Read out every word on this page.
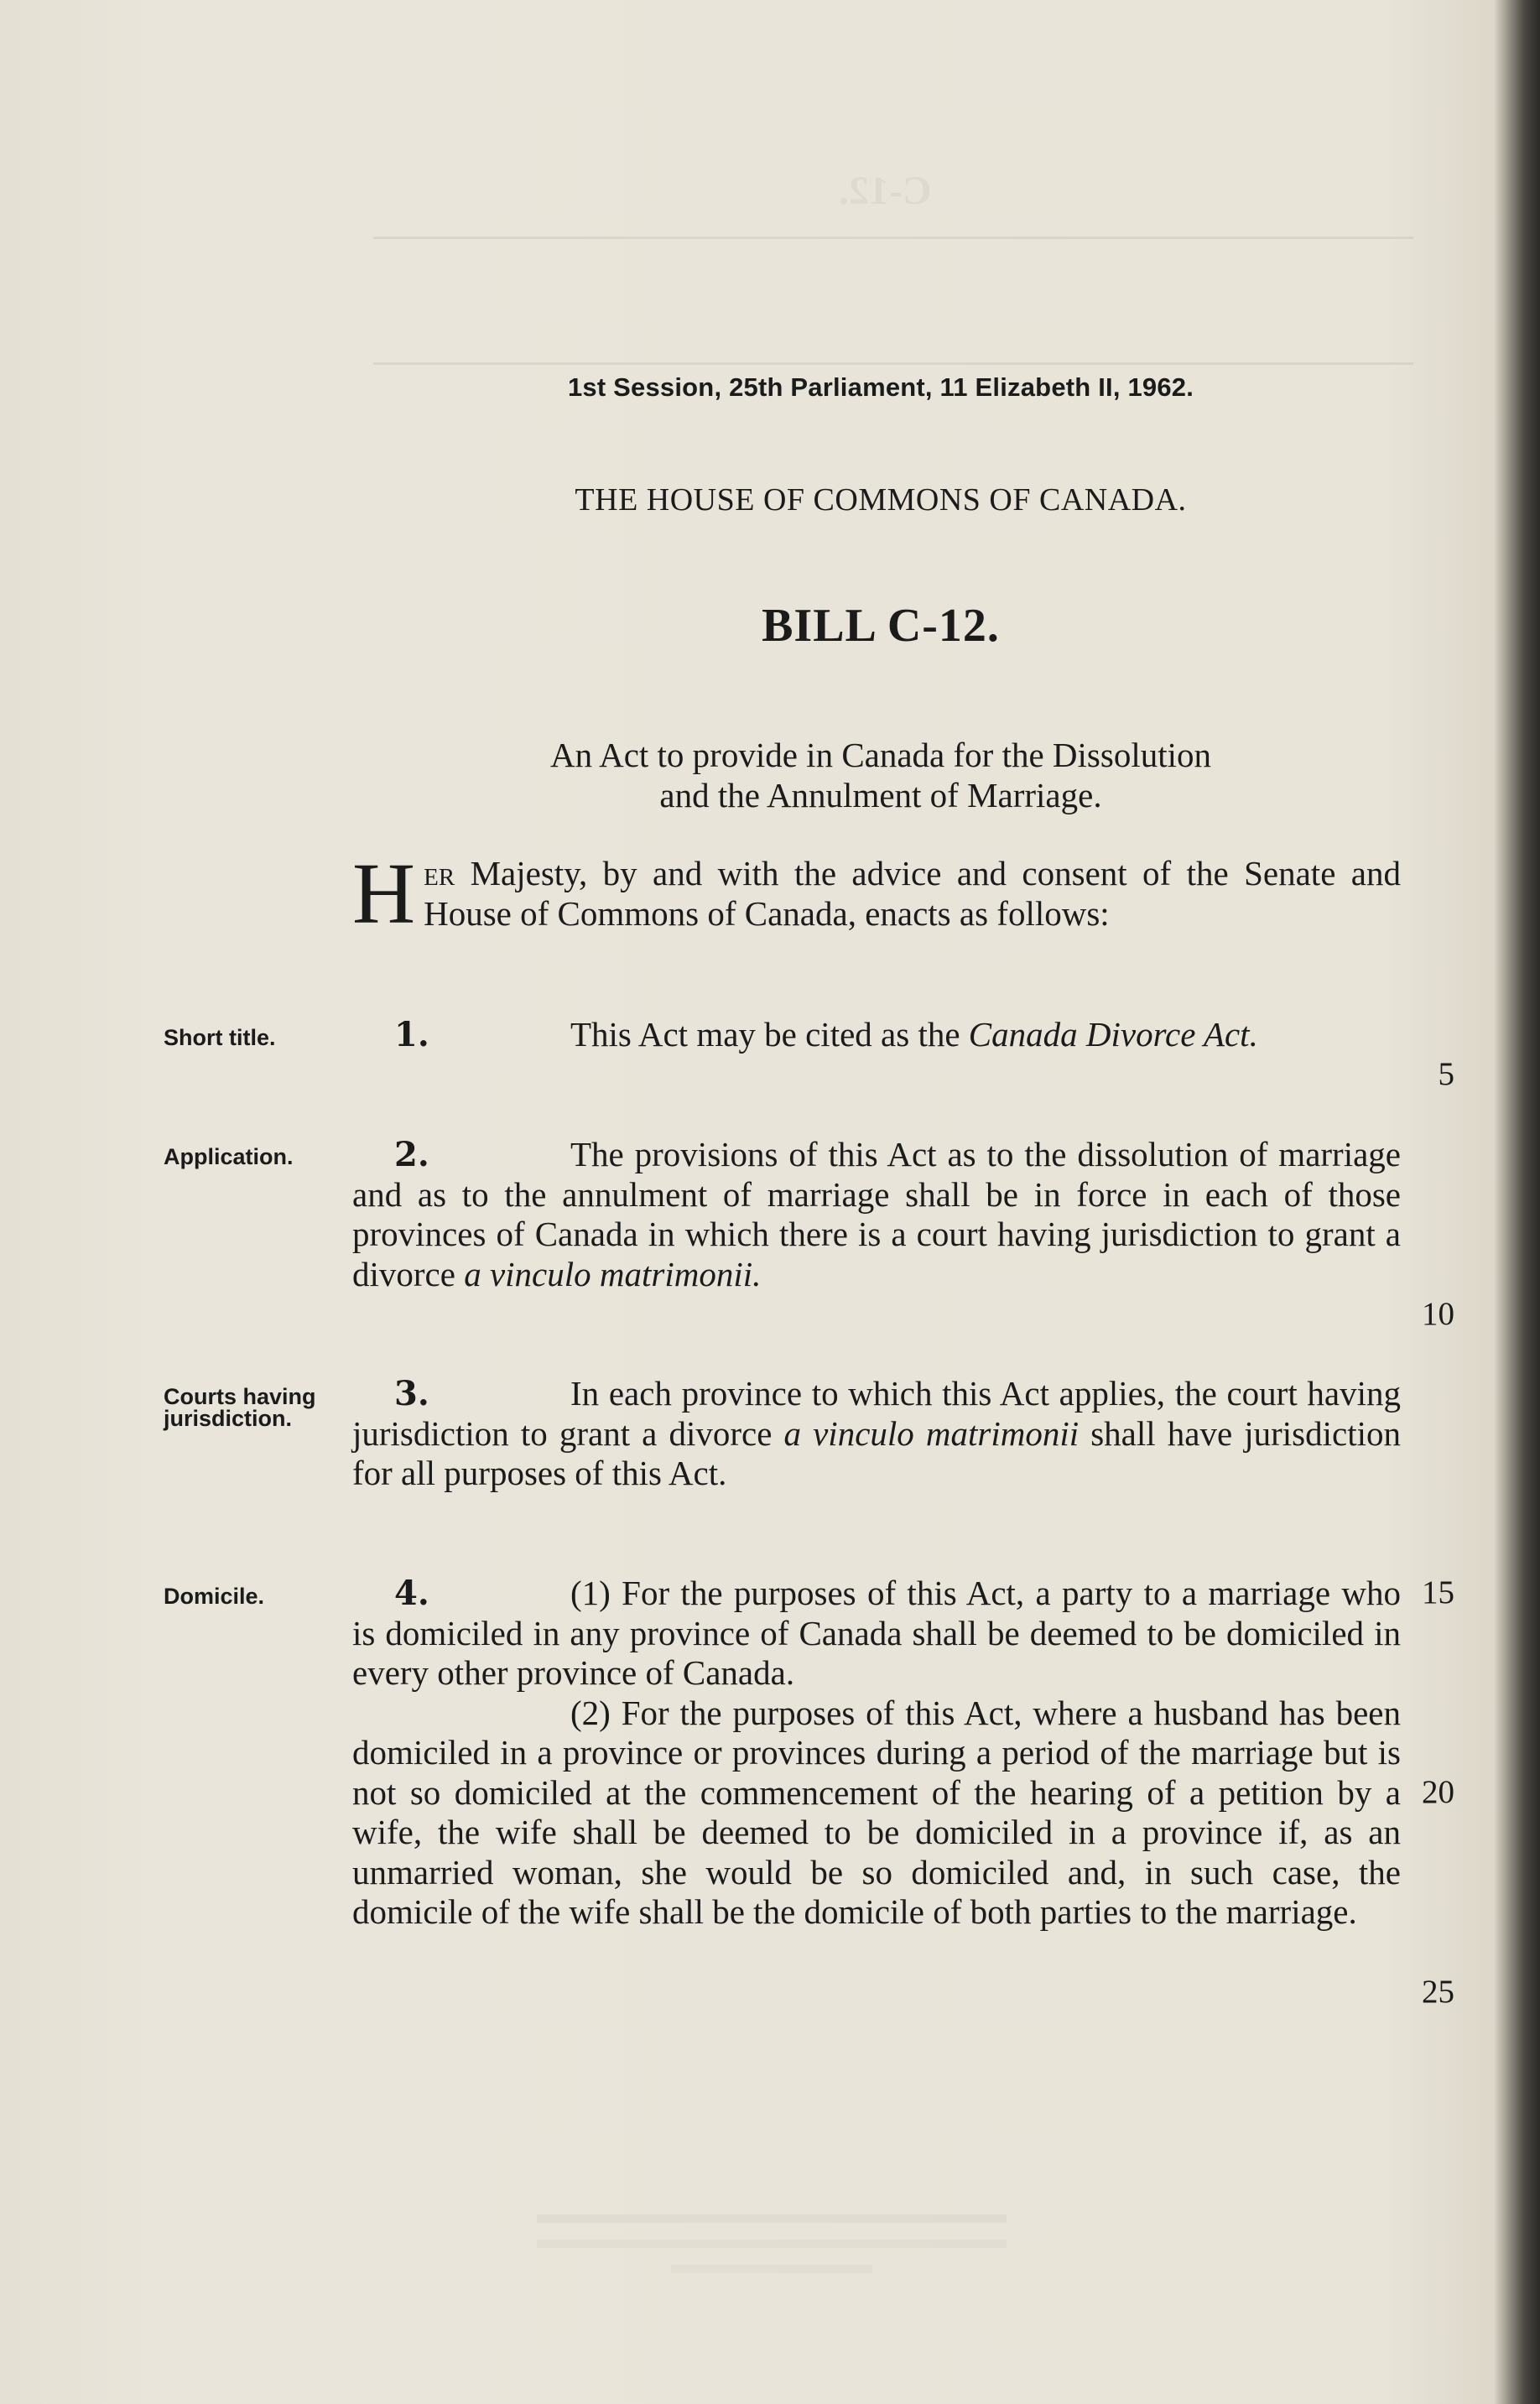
C-12.
1st Session, 25th Parliament, 11 Elizabeth II, 1962.
THE HOUSE OF COMMONS OF CANADA.
BILL C-12.
An Act to provide in Canada for the Dissolution
and the Annulment of Marriage.

Her Majesty, by and with the advice and consent of the Senate and House of Commons of Canada, enacts as follows:

Short title.	1.	This Act may be cited as the Canada Divorce Act.

5
Application.	2.	The provisions of this Act as to the dissolution of marriage and as to the annulment of marriage shall be in force in each of those provinces of Canada in which there is a court having jurisdiction to grant a divorce a vinculo matrimonii.

10
Courts having
jurisdiction.

3.	In each province to which this Act applies, the court having jurisdiction to grant a divorce a vinculo matrimonii shall have jurisdiction for all purposes of this Act.

Domicile.	4.	(1) For the purposes of this Act, a party to a marriage who is domiciled in any province of Canada shall be deemed to be domiciled in every other province of Canada.

(2) For the purposes of this Act, where a husband has been domiciled in a province or provinces during a period of the marriage but is not so domiciled at the commencement of the hearing of a petition by a wife, the wife shall be deemed to be domiciled in a province if, as an unmarried woman, she would be so domiciled and, in such case, the domicile of the wife shall be the domicile of both parties to the marriage.

15
20
25
